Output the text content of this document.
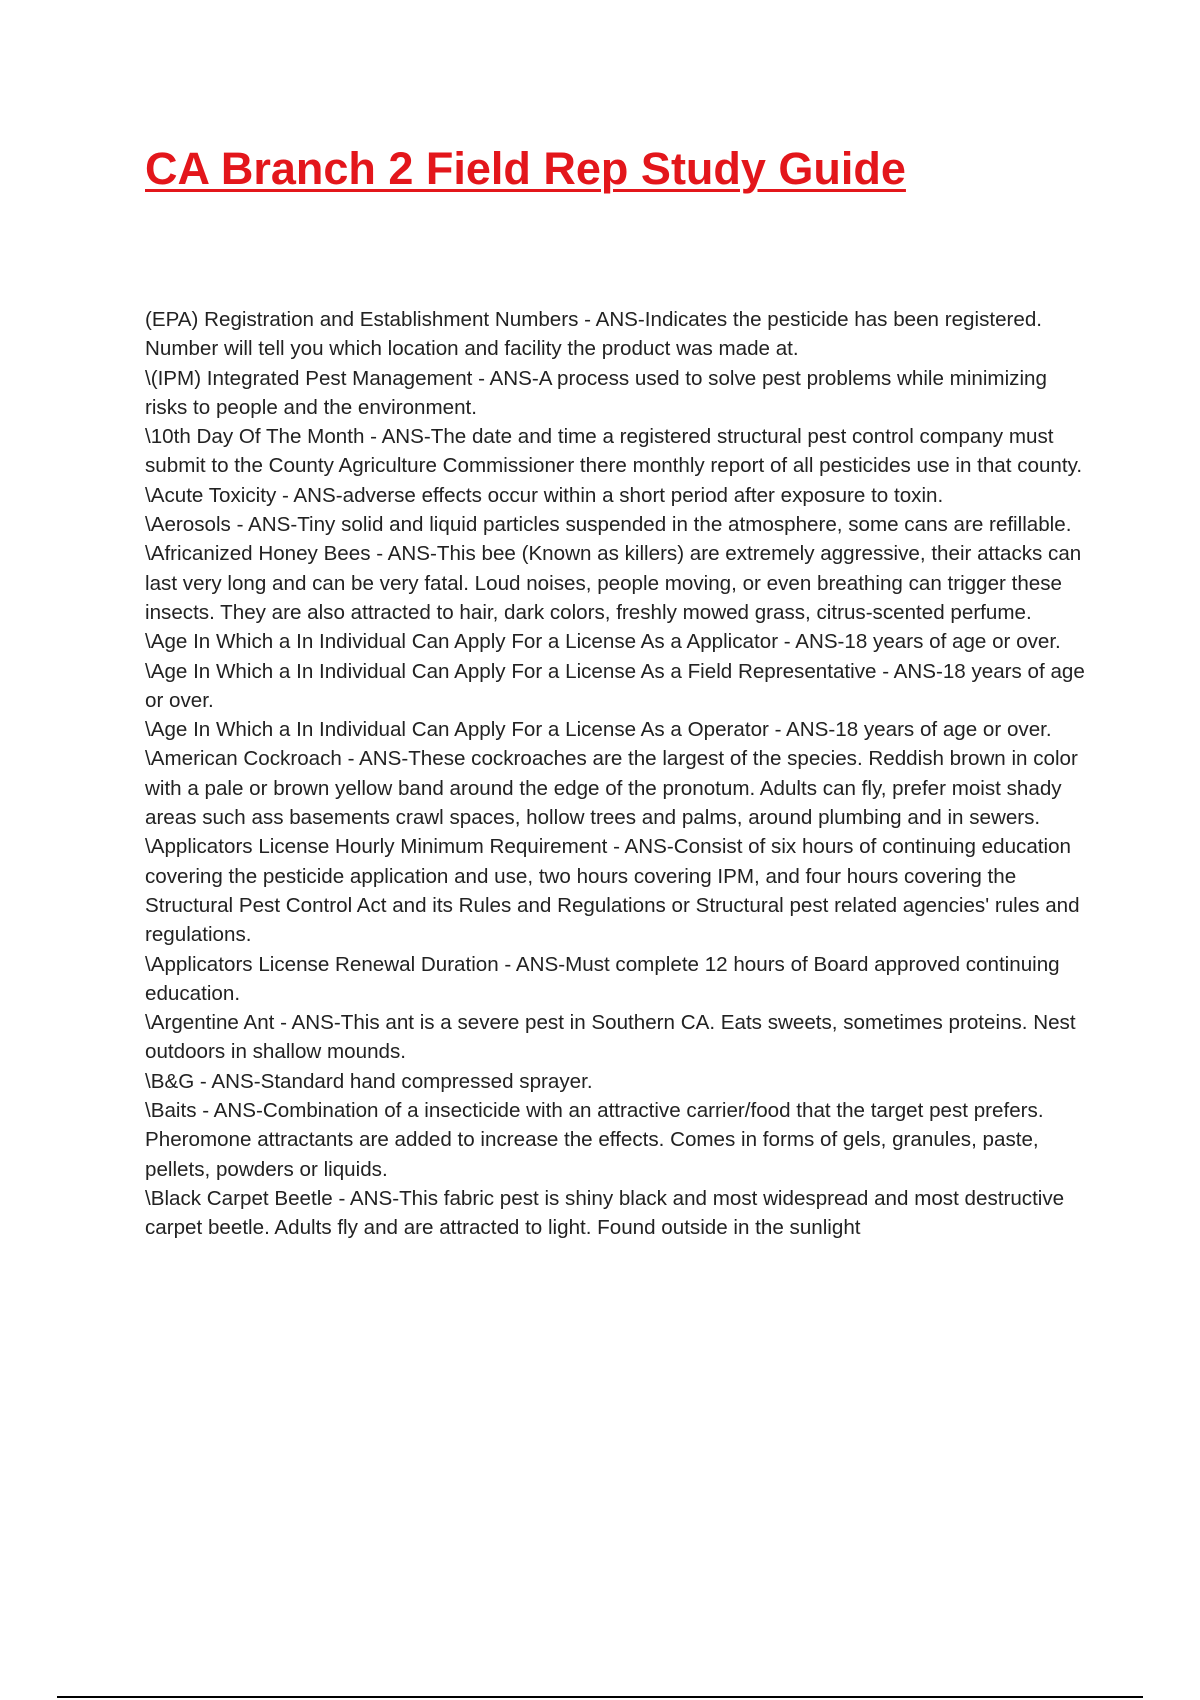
CA Branch 2 Field Rep Study Guide

(EPA) Registration and Establishment Numbers - ANS-Indicates the pesticide has been registered. Number will tell you which location and facility the product was made at.

\(IPM) Integrated Pest Management - ANS-A process used to solve pest problems while minimizing risks to people and the environment.

\10th Day Of The Month - ANS-The date and time a registered structural pest control company must submit to the County Agriculture Commissioner there monthly report of all pesticides use in that county.

\Acute Toxicity - ANS-adverse effects occur within a short period after exposure to toxin.

\Aerosols - ANS-Tiny solid and liquid particles suspended in the atmosphere, some cans are refillable.

\Africanized Honey Bees - ANS-This bee (Known as killers) are extremely aggressive, their attacks can last very long and can be very fatal. Loud noises, people moving, or even breathing can trigger these insects. They are also attracted to hair, dark colors, freshly mowed grass, citrus-scented perfume.

\Age In Which a In Individual Can Apply For a License As a Applicator - ANS-18 years of age or over.

\Age In Which a In Individual Can Apply For a License As a Field Representative - ANS-18 years of age or over.

\Age In Which a In Individual Can Apply For a License As a Operator - ANS-18 years of age or over.

\American Cockroach - ANS-These cockroaches are the largest of the species. Reddish brown in color with a pale or brown yellow band around the edge of the pronotum. Adults can fly, prefer moist shady areas such ass basements crawl spaces, hollow trees and palms, around plumbing and in sewers.

\Applicators License Hourly Minimum Requirement - ANS-Consist of six hours of continuing education covering the pesticide application and use, two hours covering IPM, and four hours covering the Structural Pest Control Act and its Rules and Regulations or Structural pest related agencies' rules and regulations.

\Applicators License Renewal Duration - ANS-Must complete 12 hours of Board approved continuing education.

\Argentine Ant - ANS-This ant is a severe pest in Southern CA. Eats sweets, sometimes proteins. Nest outdoors in shallow mounds.

\B&G - ANS-Standard hand compressed sprayer.

\Baits - ANS-Combination of a insecticide with an attractive carrier/food that the target pest prefers. Pheromone attractants are added to increase the effects. Comes in forms of gels, granules, paste, pellets, powders or liquids.

\Black Carpet Beetle - ANS-This fabric pest is shiny black and most widespread and most destructive carpet beetle. Adults fly and are attracted to light. Found outside in the sunlight
